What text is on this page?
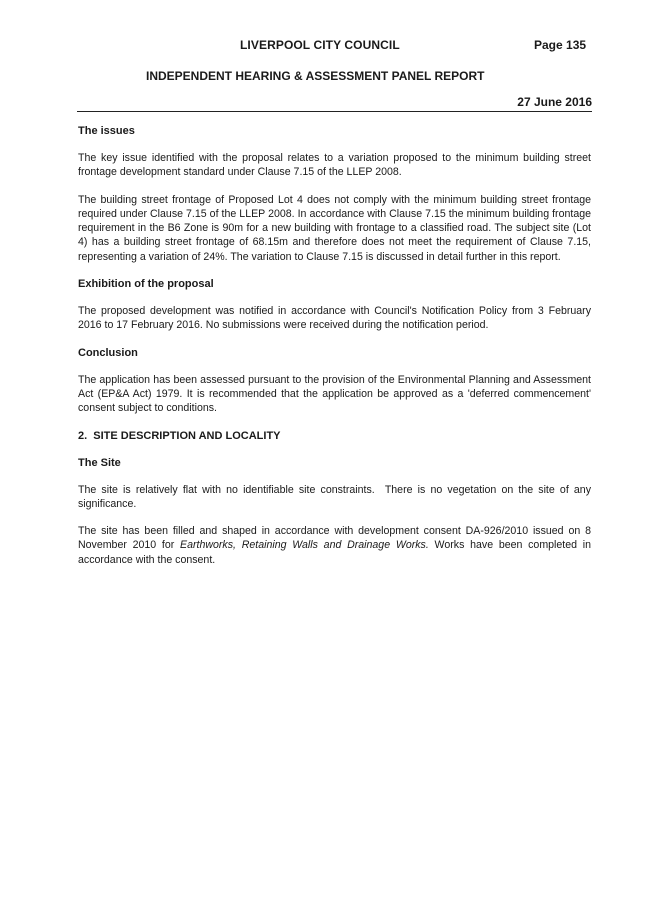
LIVERPOOL CITY COUNCIL	Page 135
INDEPENDENT HEARING & ASSESSMENT PANEL REPORT
27 June 2016
The issues

The key issue identified with the proposal relates to a variation proposed to the minimum building street frontage development standard under Clause 7.15 of the LLEP 2008.

The building street frontage of Proposed Lot 4 does not comply with the minimum building street frontage required under Clause 7.15 of the LLEP 2008. In accordance with Clause 7.15 the minimum building frontage requirement in the B6 Zone is 90m for a new building with frontage to a classified road. The subject site (Lot 4) has a building street frontage of 68.15m and therefore does not meet the requirement of Clause 7.15, representing a variation of 24%. The variation to Clause 7.15 is discussed in detail further in this report.

Exhibition of the proposal

The proposed development was notified in accordance with Council's Notification Policy from 3 February 2016 to 17 February 2016. No submissions were received during the notification period.

Conclusion

The application has been assessed pursuant to the provision of the Environmental Planning and Assessment Act (EP&A Act) 1979. It is recommended that the application be approved as a 'deferred commencement' consent subject to conditions.

2.  SITE DESCRIPTION AND LOCALITY
The Site

The site is relatively flat with no identifiable site constraints.  There is no vegetation on the site of any significance.

The site has been filled and shaped in accordance with development consent DA-926/2010 issued on 8 November 2010 for Earthworks, Retaining Walls and Drainage Works. Works have been completed in accordance with the consent.
